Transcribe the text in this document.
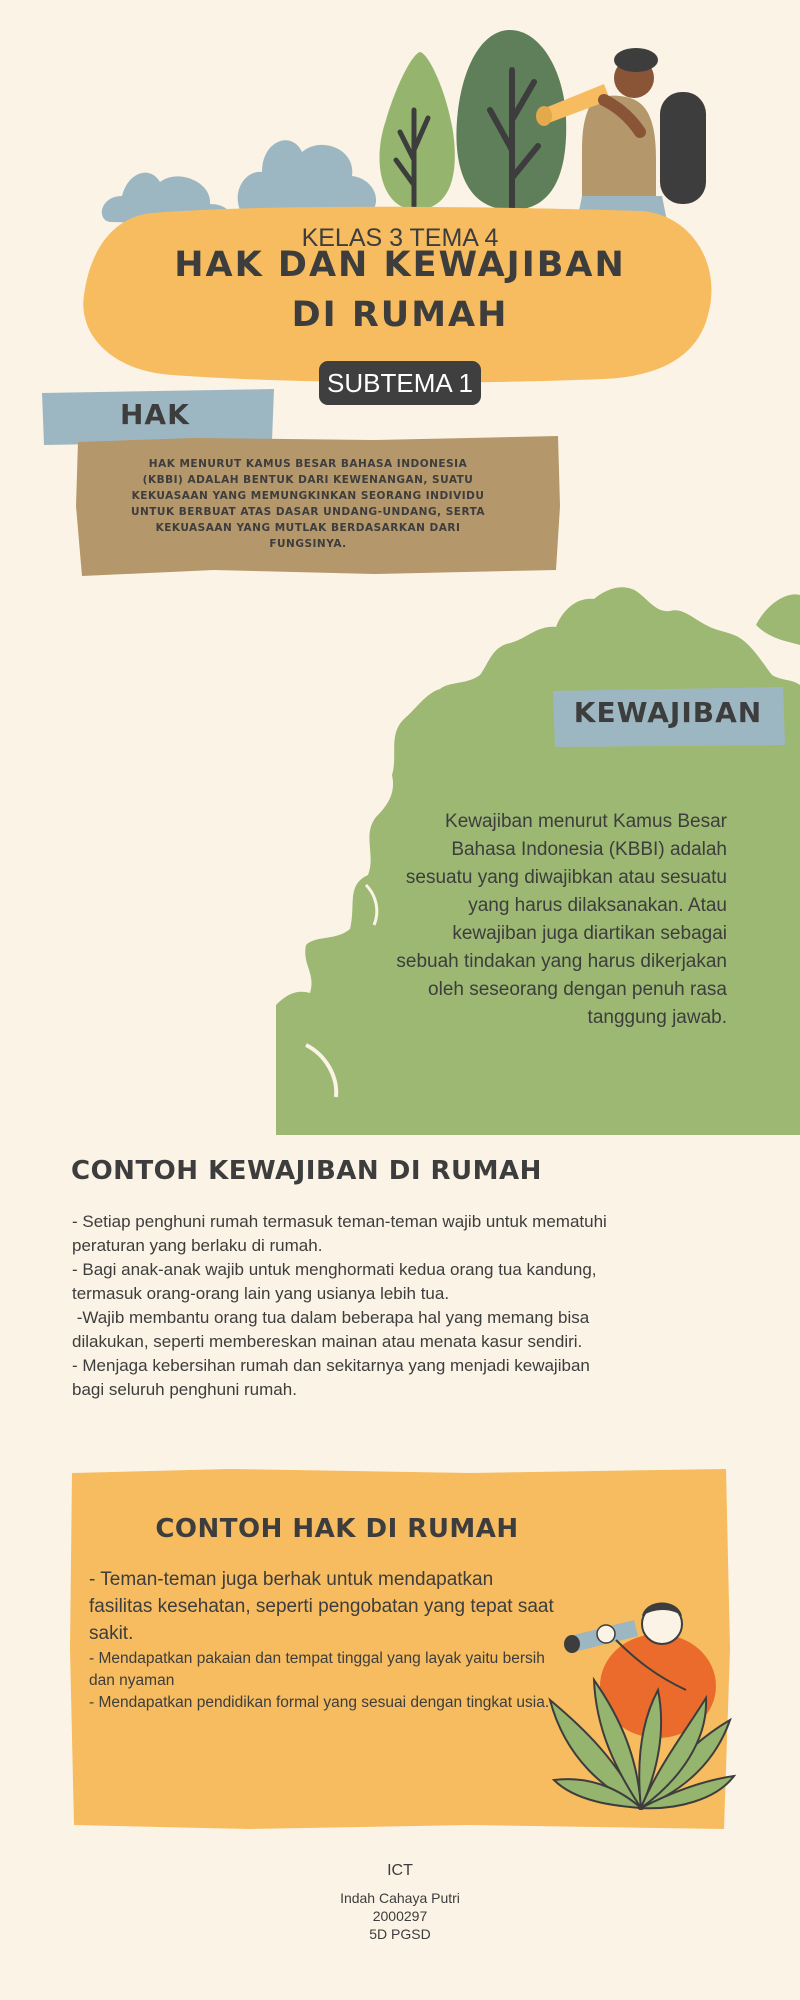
KELAS 3 TEMA 4
HAK DAN KEWAJIBAN
DI RUMAH
SUBTEMA 1
HAK
HAK MENURUT KAMUS BESAR BAHASA INDONESIA (KBBI) ADALAH BENTUK DARI KEWENANGAN, SUATU KEKUASAAN YANG MEMUNGKINKAN SEORANG INDIVIDU UNTUK BERBUAT ATAS DASAR UNDANG-UNDANG, SERTA KEKUASAAN YANG MUTLAK BERDASARKAN DARI FUNGSINYA.
KEWAJIBAN
Kewajiban menurut Kamus Besar Bahasa Indonesia (KBBI) adalah sesuatu yang diwajibkan atau sesuatu yang harus dilaksanakan. Atau kewajiban juga diartikan sebagai sebuah tindakan yang harus dikerjakan oleh seseorang dengan penuh rasa tanggung jawab.
CONTOH KEWAJIBAN DI RUMAH
- Setiap penghuni rumah termasuk teman-teman wajib untuk mematuhi peraturan yang berlaku di rumah.
- Bagi anak-anak wajib untuk menghormati kedua orang tua kandung, termasuk orang-orang lain yang usianya lebih tua.
-Wajib membantu orang tua dalam beberapa hal yang memang bisa dilakukan, seperti membereskan mainan atau menata kasur sendiri.
- Menjaga kebersihan rumah dan sekitarnya yang menjadi kewajiban bagi seluruh penghuni rumah.
CONTOH HAK DI RUMAH
- Teman-teman juga berhak untuk mendapatkan fasilitas kesehatan, seperti pengobatan yang tepat saat sakit.
- Mendapatkan pakaian dan tempat tinggal yang layak yaitu bersih dan nyaman
- Mendapatkan pendidikan formal yang sesuai dengan tingkat usia.
ICT
Indah Cahaya Putri
2000297
5D PGSD
